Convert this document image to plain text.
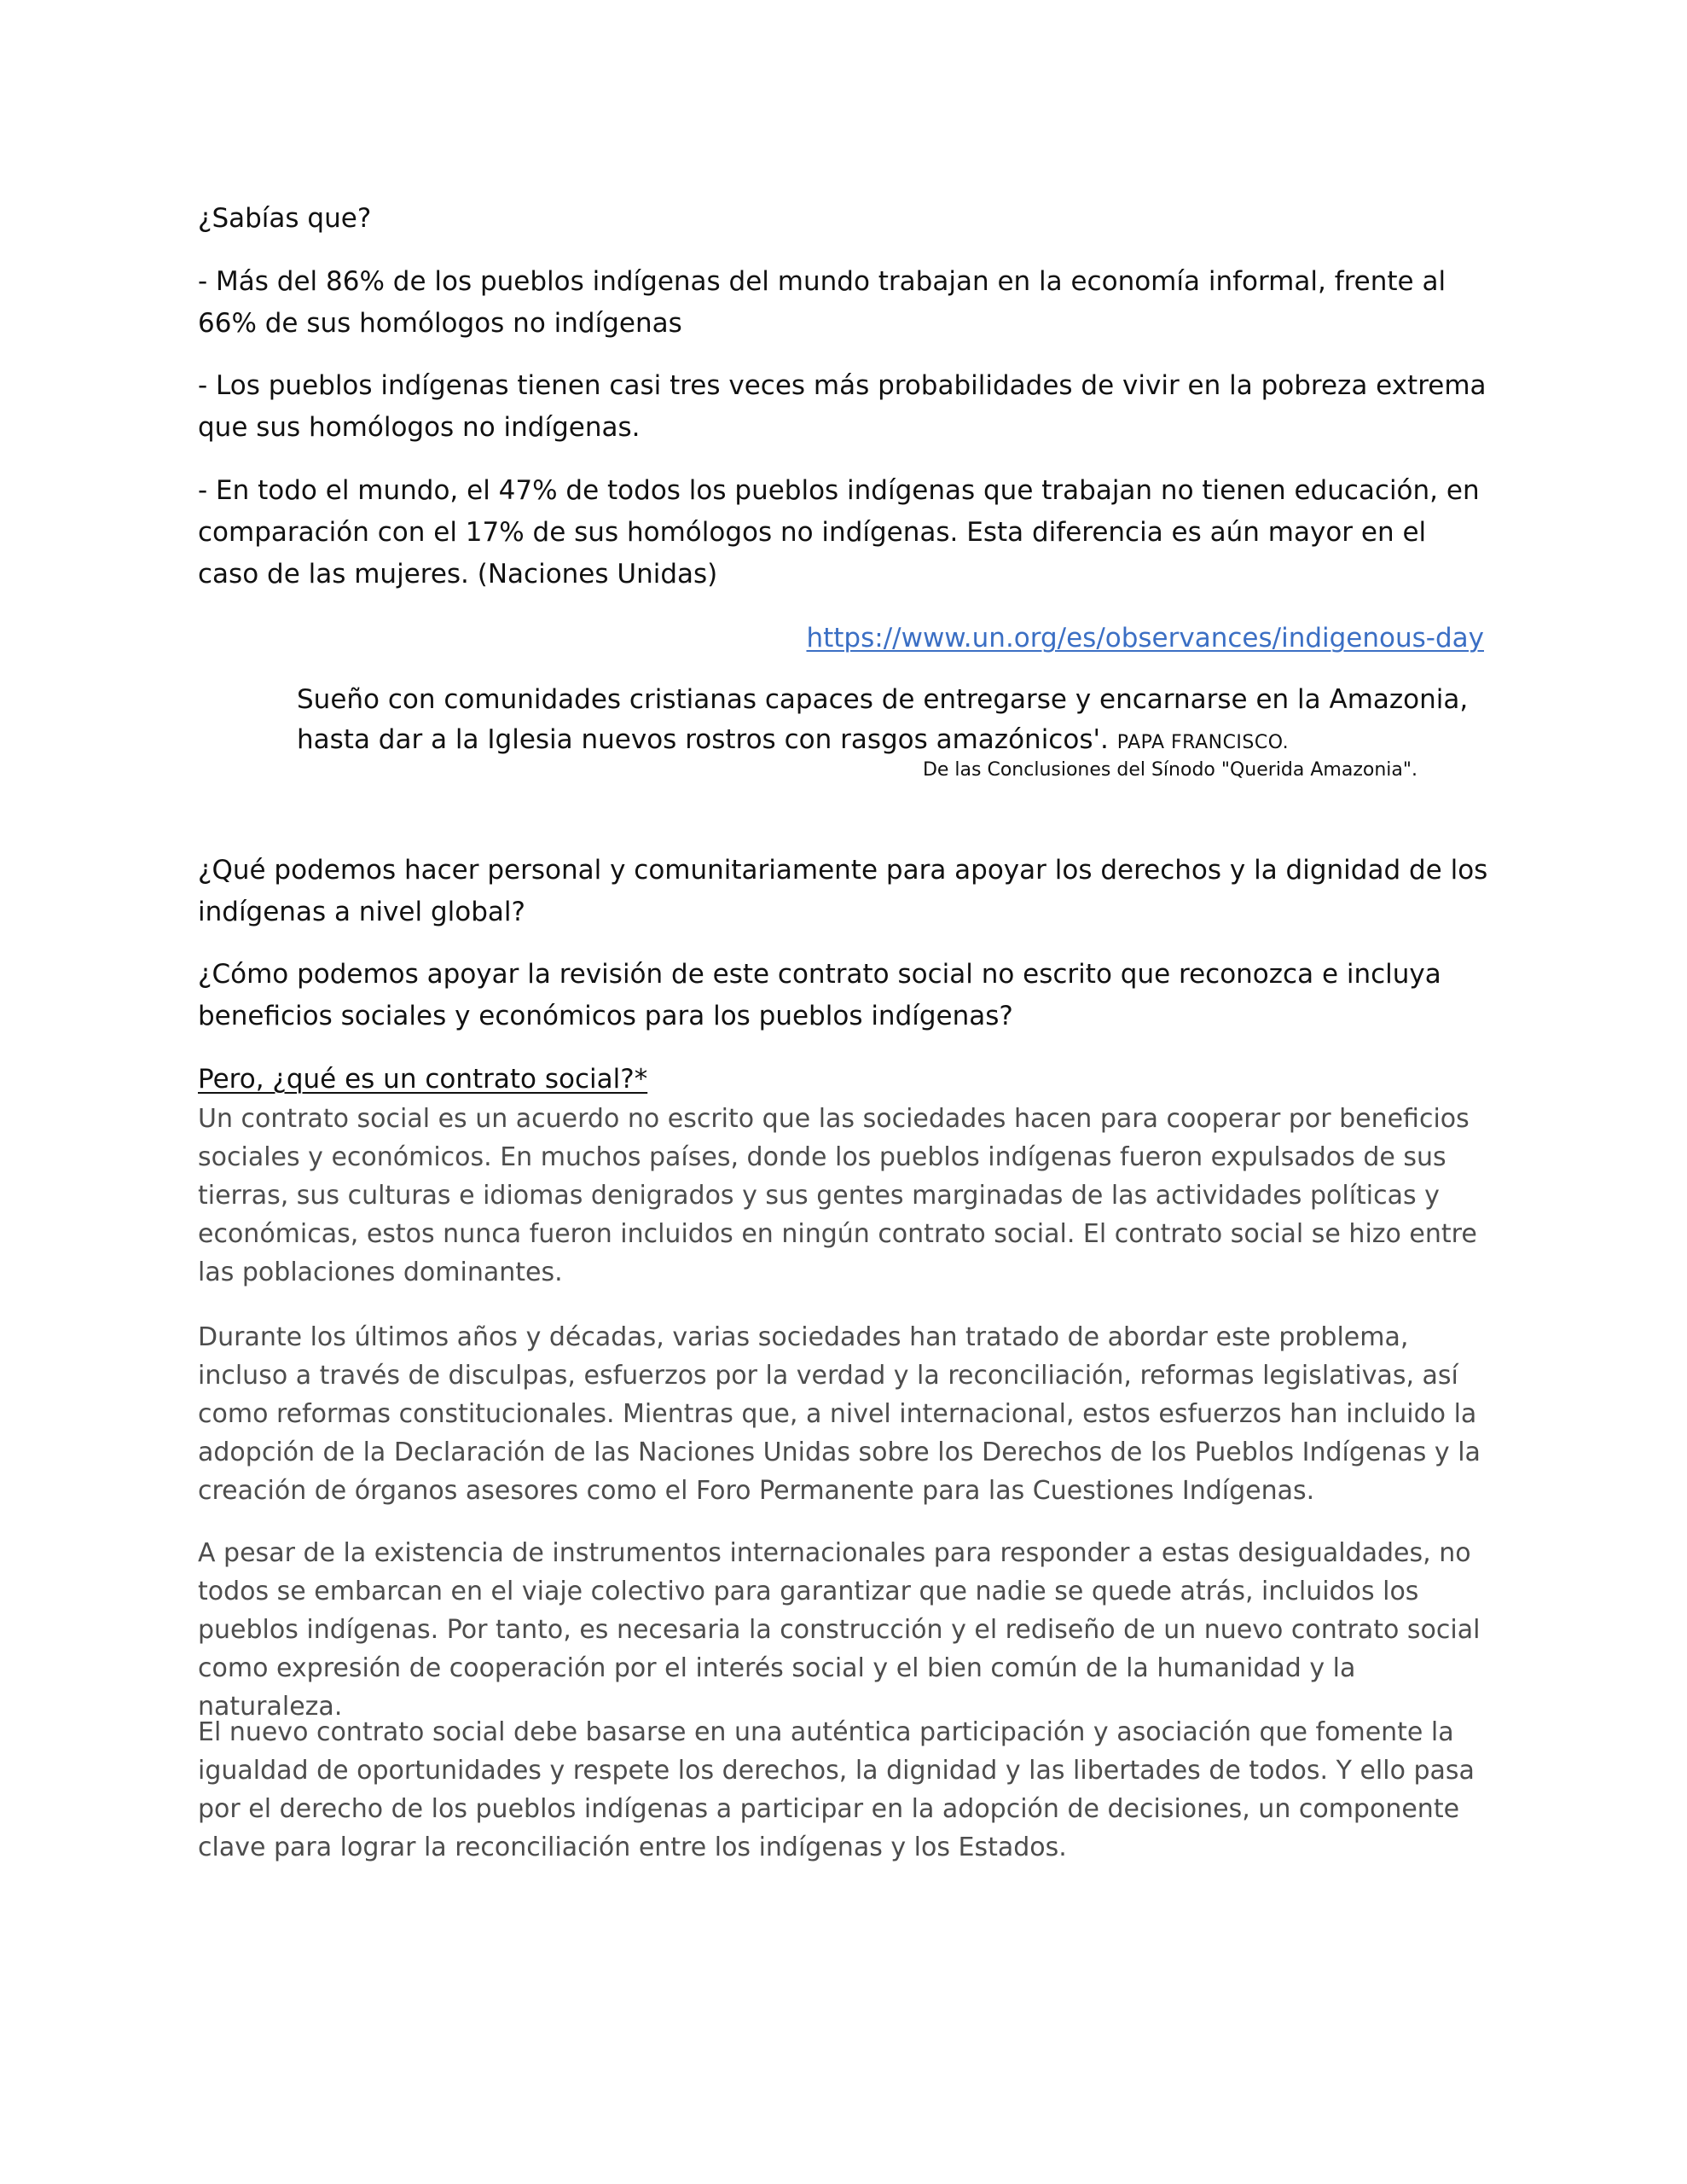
¿Sabías que?

- Más del 86% de los pueblos indígenas del mundo trabajan en la economía informal, frente al 66% de sus homólogos no indígenas

- Los pueblos indígenas tienen casi tres veces más probabilidades de vivir en la pobreza extrema que sus homólogos no indígenas.

- En todo el mundo, el 47% de todos los pueblos indígenas que trabajan no tienen educación, en comparación con el 17% de sus homólogos no indígenas. Esta diferencia es aún mayor en el caso de las mujeres. (Naciones Unidas)

https://www.un.org/es/observances/indigenous-day

Sueño con comunidades cristianas capaces de entregarse y encarnarse en la Amazonia, hasta dar a la Iglesia nuevos rostros con rasgos amazónicos'. PAPA FRANCISCO.

De las Conclusiones del Sínodo "Querida Amazonia".

¿Qué podemos hacer personal y comunitariamente para apoyar los derechos y la dignidad de los indígenas a nivel global?

¿Cómo podemos apoyar la revisión de este contrato social no escrito que reconozca e incluya beneficios sociales y económicos para los pueblos indígenas?

Pero, ¿qué es un contrato social?*

Un contrato social es un acuerdo no escrito que las sociedades hacen para cooperar por beneficios sociales y económicos. En muchos países, donde los pueblos indígenas fueron expulsados de sus tierras, sus culturas e idiomas denigrados y sus gentes marginadas de las actividades políticas y económicas, estos nunca fueron incluidos en ningún contrato social. El contrato social se hizo entre las poblaciones dominantes.

Durante los últimos años y décadas, varias sociedades han tratado de abordar este problema, incluso a través de disculpas, esfuerzos por la verdad y la reconciliación, reformas legislativas, así como reformas constitucionales. Mientras que, a nivel internacional, estos esfuerzos han incluido la adopción de la Declaración de las Naciones Unidas sobre los Derechos de los Pueblos Indígenas y la creación de órganos asesores como el Foro Permanente para las Cuestiones Indígenas.

A pesar de la existencia de instrumentos internacionales para responder a estas desigualdades, no todos se embarcan en el viaje colectivo para garantizar que nadie se quede atrás, incluidos los pueblos indígenas. Por tanto, es necesaria la construcción y el rediseño de un nuevo contrato social como expresión de cooperación por el interés social y el bien común de la humanidad y la naturaleza.

El nuevo contrato social debe basarse en una auténtica participación y asociación que fomente la igualdad de oportunidades y respete los derechos, la dignidad y las libertades de todos. Y ello pasa por el derecho de los pueblos indígenas a participar en la adopción de decisiones, un componente clave para lograr la reconciliación entre los indígenas y los Estados.
